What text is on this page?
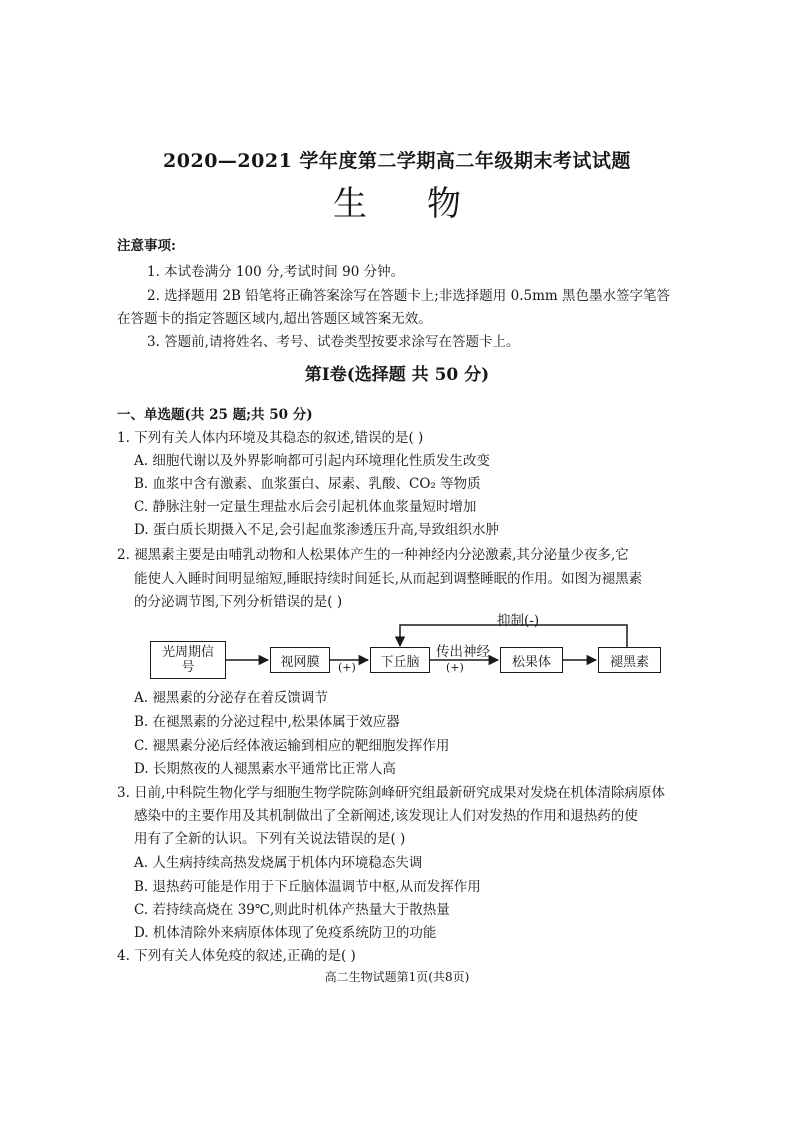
2020—2021 学年度第二学期高二年级期末考试试题
生物
注意事项:
1. 本试卷满分 100 分,考试时间 90 分钟。
2. 选择题用 2B 铅笔将正确答案涂写在答题卡上;非选择题用 0.5mm 黑色墨水签字笔答
在答题卡的指定答题区域内,超出答题区域答案无效。
3. 答题前,请将姓名、考号、试卷类型按要求涂写在答题卡上。
第Ⅰ卷(选择题 共 50 分)
一、单选题(共 25 题;共 50 分)
1. 下列有关人体内环境及其稳态的叙述,错误的是( )
A. 细胞代谢以及外界影响都可引起内环境理化性质发生改变
B. 血浆中含有激素、血浆蛋白、尿素、乳酸、CO₂ 等物质
C. 静脉注射一定量生理盐水后会引起机体血浆量短时增加
D. 蛋白质长期摄入不足,会引起血浆渗透压升高,导致组织水肿
2. 褪黑素主要是由哺乳动物和人松果体产生的一种神经内分泌激素,其分泌量少夜多,它
能使人入睡时间明显缩短,睡眠持续时间延长,从而起到调整睡眠的作用。如图为褪黑素
的分泌调节图,下列分析错误的是( )
光周期信号	视网膜	下丘脑	松果体	褪黑素
(+)	(+)
传出神经
抑制(-)
A. 褪黑素的分泌存在着反馈调节
B. 在褪黑素的分泌过程中,松果体属于效应器
C. 褪黑素分泌后经体液运输到相应的靶细胞发挥作用
D. 长期熬夜的人褪黑素水平通常比正常人高
3. 日前,中科院生物化学与细胞生物学院陈剑峰研究组最新研究成果对发烧在机体清除病原体
感染中的主要作用及其机制做出了全新阐述,该发现让人们对发热的作用和退热药的使
用有了全新的认识。下列有关说法错误的是( )
A. 人生病持续高热发烧属于机体内环境稳态失调
B. 退热药可能是作用于下丘脑体温调节中枢,从而发挥作用
C. 若持续高烧在 39℃,则此时机体产热量大于散热量
D. 机体清除外来病原体体现了免疫系统防卫的功能
4. 下列有关人体免疫的叙述,正确的是( )
高二生物试题第1页(共8页)
